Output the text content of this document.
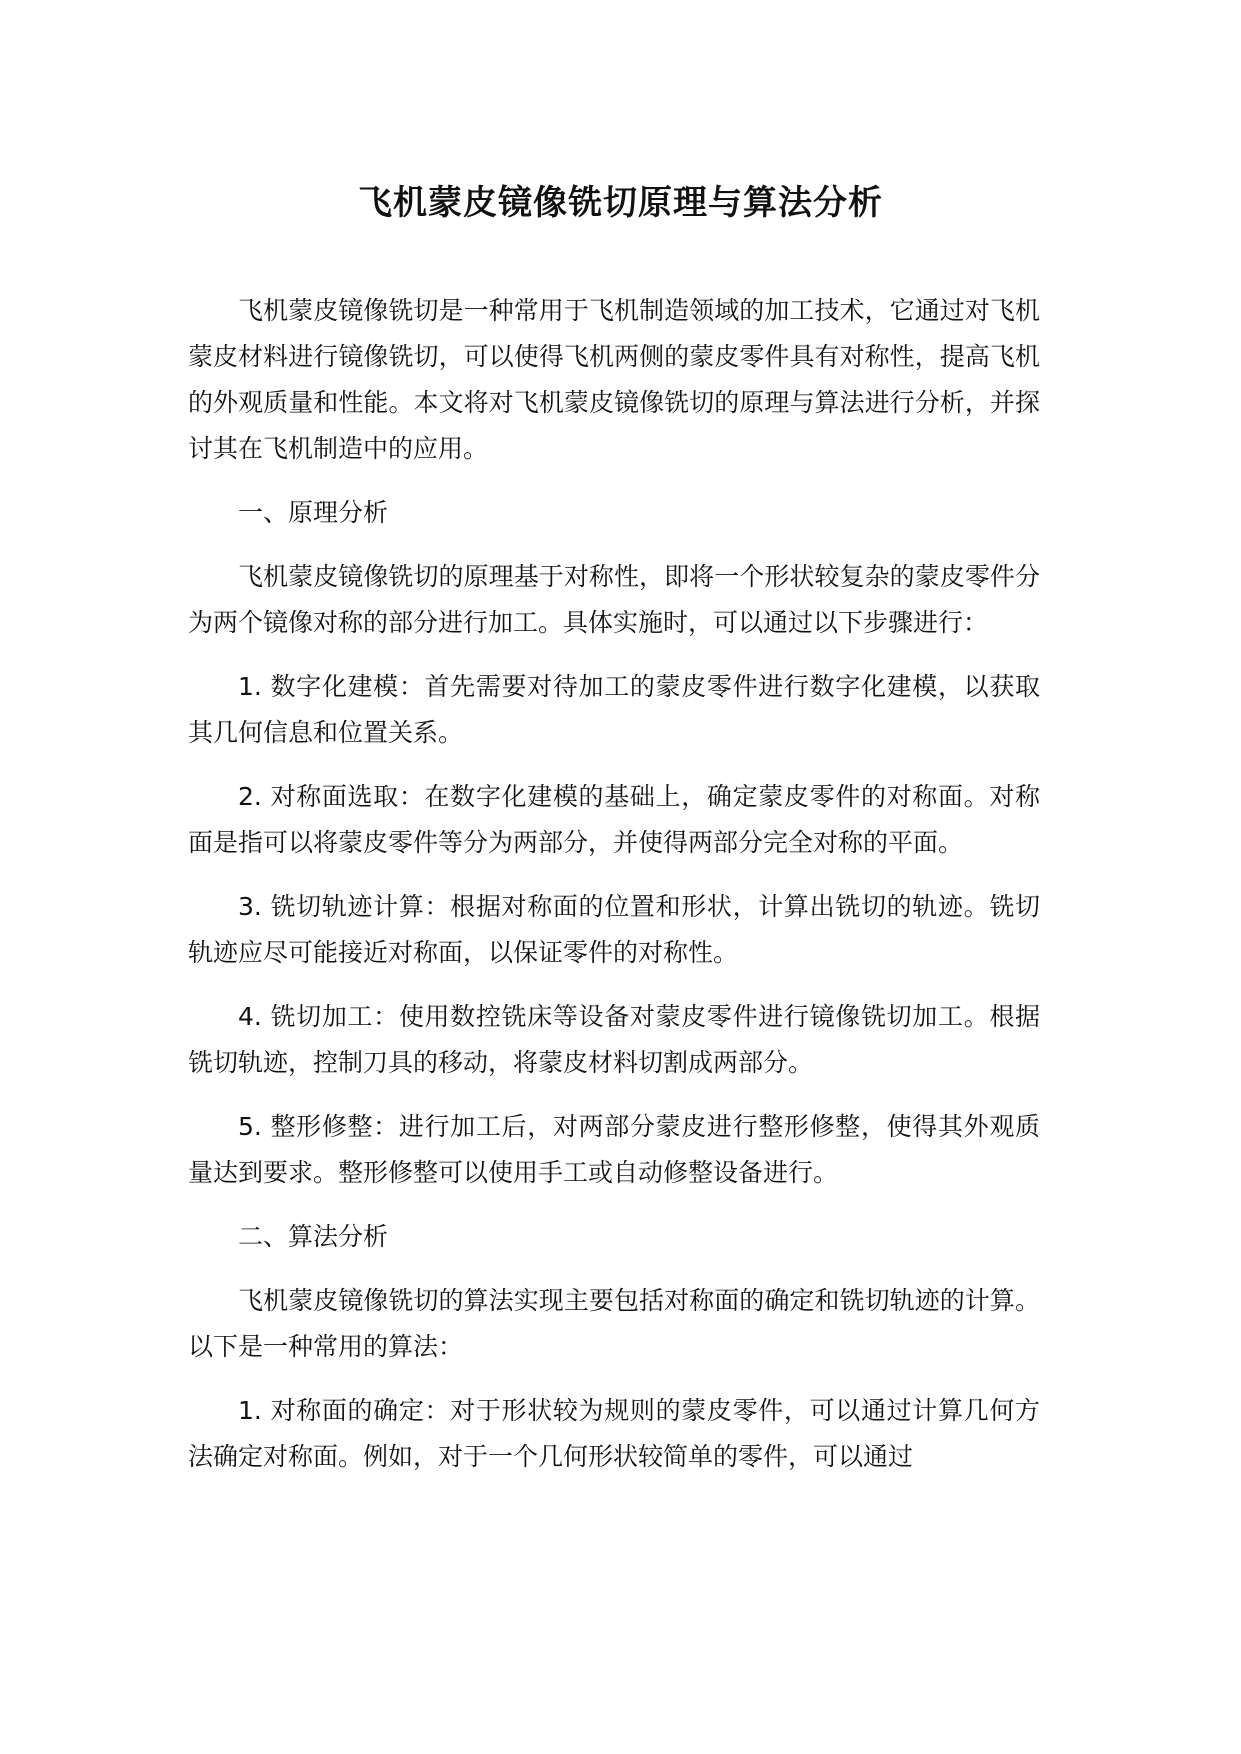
飞机蒙皮镜像铣切原理与算法分析

飞机蒙皮镜像铣切是一种常用于飞机制造领域的加工技术，它通过对飞机蒙皮材料进行镜像铣切，可以使得飞机两侧的蒙皮零件具有对称性，提高飞机的外观质量和性能。本文将对飞机蒙皮镜像铣切的原理与算法进行分析，并探讨其在飞机制造中的应用。

一、原理分析

飞机蒙皮镜像铣切的原理基于对称性，即将一个形状较复杂的蒙皮零件分为两个镜像对称的部分进行加工。具体实施时，可以通过以下步骤进行：

1. 数字化建模：首先需要对待加工的蒙皮零件进行数字化建模，以获取其几何信息和位置关系。

2. 对称面选取：在数字化建模的基础上，确定蒙皮零件的对称面。对称面是指可以将蒙皮零件等分为两部分，并使得两部分完全对称的平面。

3. 铣切轨迹计算：根据对称面的位置和形状，计算出铣切的轨迹。铣切轨迹应尽可能接近对称面，以保证零件的对称性。

4. 铣切加工：使用数控铣床等设备对蒙皮零件进行镜像铣切加工。根据铣切轨迹，控制刀具的移动，将蒙皮材料切割成两部分。

5. 整形修整：进行加工后，对两部分蒙皮进行整形修整，使得其外观质量达到要求。整形修整可以使用手工或自动修整设备进行。

二、算法分析

飞机蒙皮镜像铣切的算法实现主要包括对称面的确定和铣切轨迹的计算。以下是一种常用的算法：

1. 对称面的确定：对于形状较为规则的蒙皮零件，可以通过计算几何方法确定对称面。例如，对于一个几何形状较简单的零件，可以通过
